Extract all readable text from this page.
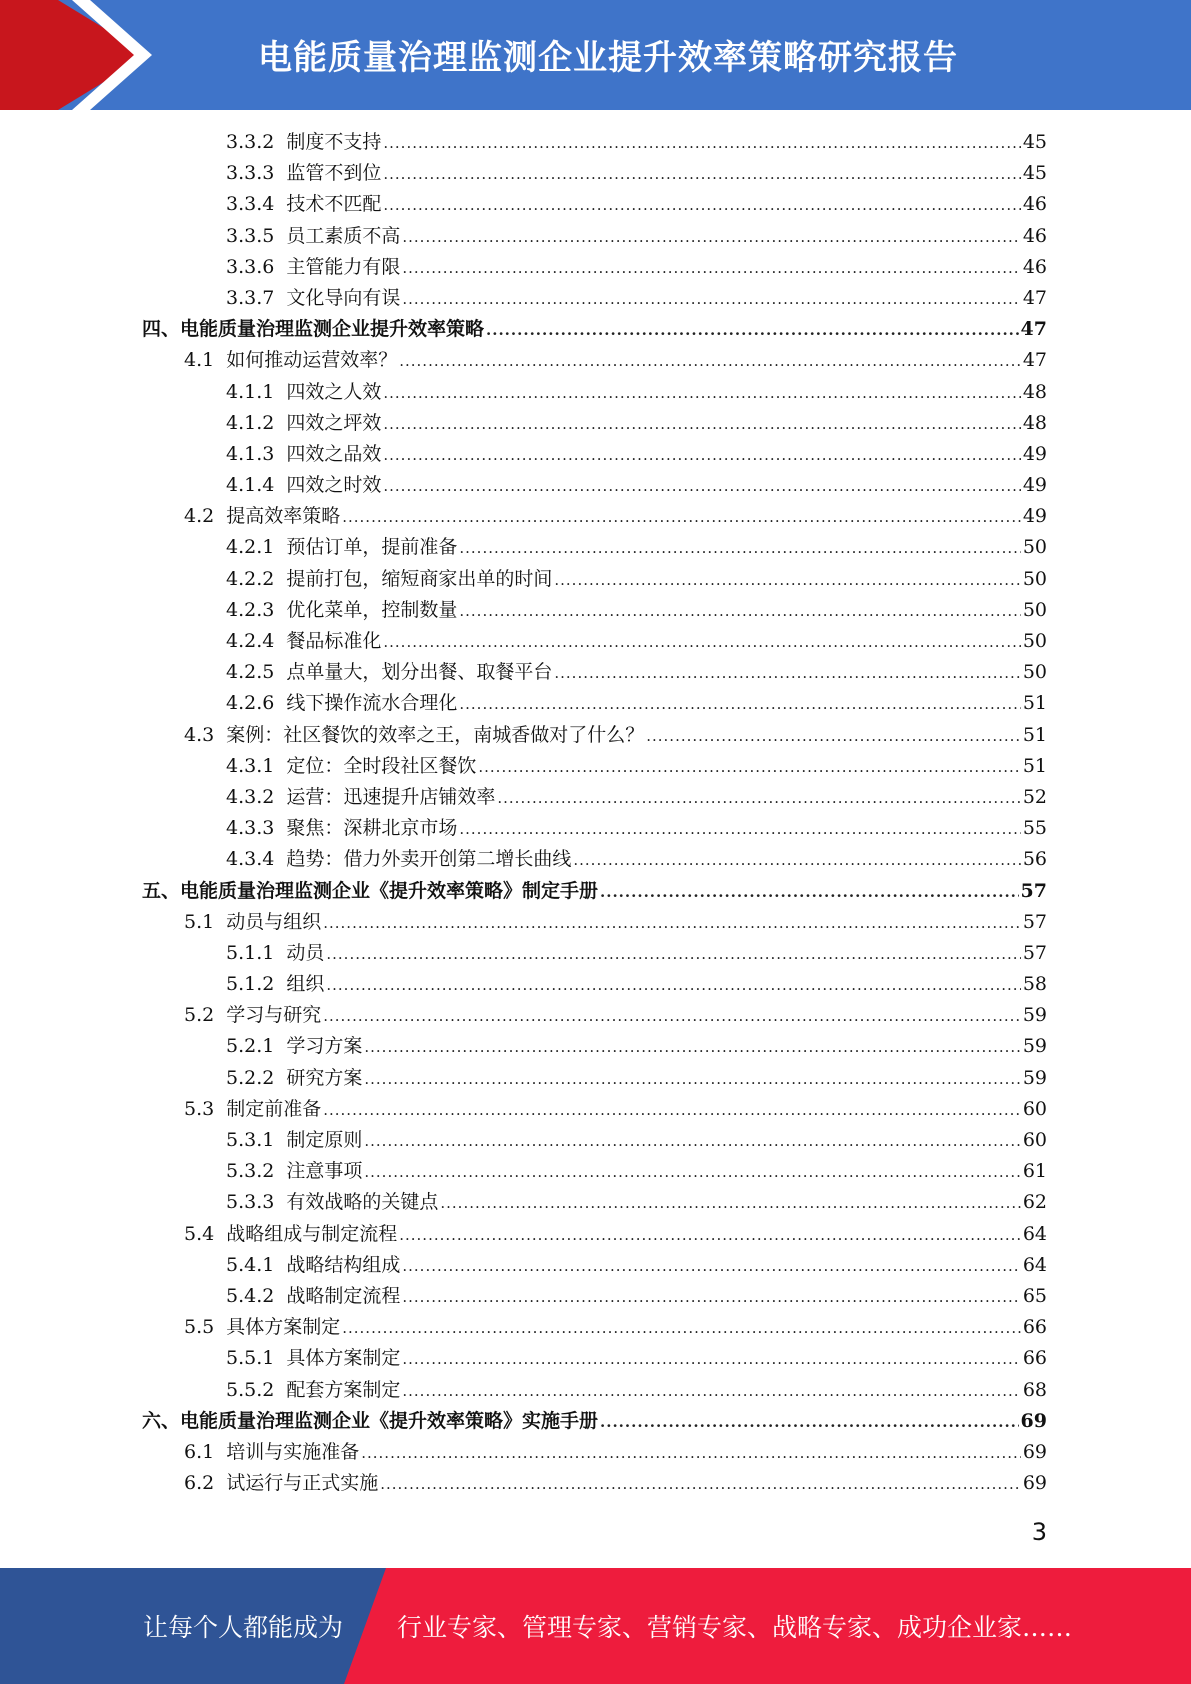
电能质量治理监测企业提升效率策略研究报告
3.3.2 制度不支持 .....	45
3.3.3 监管不到位 .....	45
3.3.4 技术不匹配 .....	46
3.3.5 员工素质不高 .....	46
3.3.6 主管能力有限 .....	46
3.3.7 文化导向有误 .....	47
四、电能质量治理监测企业提升效率策略 .....	47
4.1 如何推动运营效率？ .....	47
4.1.1 四效之人效 .....	48
4.1.2 四效之坪效 .....	48
4.1.3 四效之品效 .....	49
4.1.4 四效之时效 .....	49
4.2 提高效率策略 .....	49
4.2.1 预估订单，提前准备 .....	50
4.2.2 提前打包，缩短商家出单的时间 .....	50
4.2.3 优化菜单，控制数量 .....	50
4.2.4 餐品标准化 .....	50
4.2.5 点单量大，划分出餐、取餐平台 .....	50
4.2.6 线下操作流水合理化 .....	51
4.3 案例：社区餐饮的效率之王，南城香做对了什么？ .....	51
4.3.1 定位：全时段社区餐饮 .....	51
4.3.2 运营：迅速提升店铺效率 .....	52
4.3.3 聚焦：深耕北京市场 .....	55
4.3.4 趋势：借力外卖开创第二增长曲线 .....	56
五、电能质量治理监测企业《提升效率策略》制定手册 .....	57
5.1 动员与组织 .....	57
5.1.1 动员 .....	57
5.1.2 组织 .....	58
5.2 学习与研究 .....	59
5.2.1 学习方案 .....	59
5.2.2 研究方案 .....	59
5.3 制定前准备 .....	60
5.3.1 制定原则 .....	60
5.3.2 注意事项 .....	61
5.3.3 有效战略的关键点 .....	62
5.4 战略组成与制定流程 .....	64
5.4.1 战略结构组成 .....	64
5.4.2 战略制定流程 .....	65
5.5 具体方案制定 .....	66
5.5.1 具体方案制定 .....	66
5.5.2 配套方案制定 .....	68
六、电能质量治理监测企业《提升效率策略》实施手册 .....	69
6.1 培训与实施准备 .....	69
6.2 试运行与正式实施 .....	69
3
让每个人都能成为 行业专家、管理专家、营销专家、战略专家、成功企业家……
